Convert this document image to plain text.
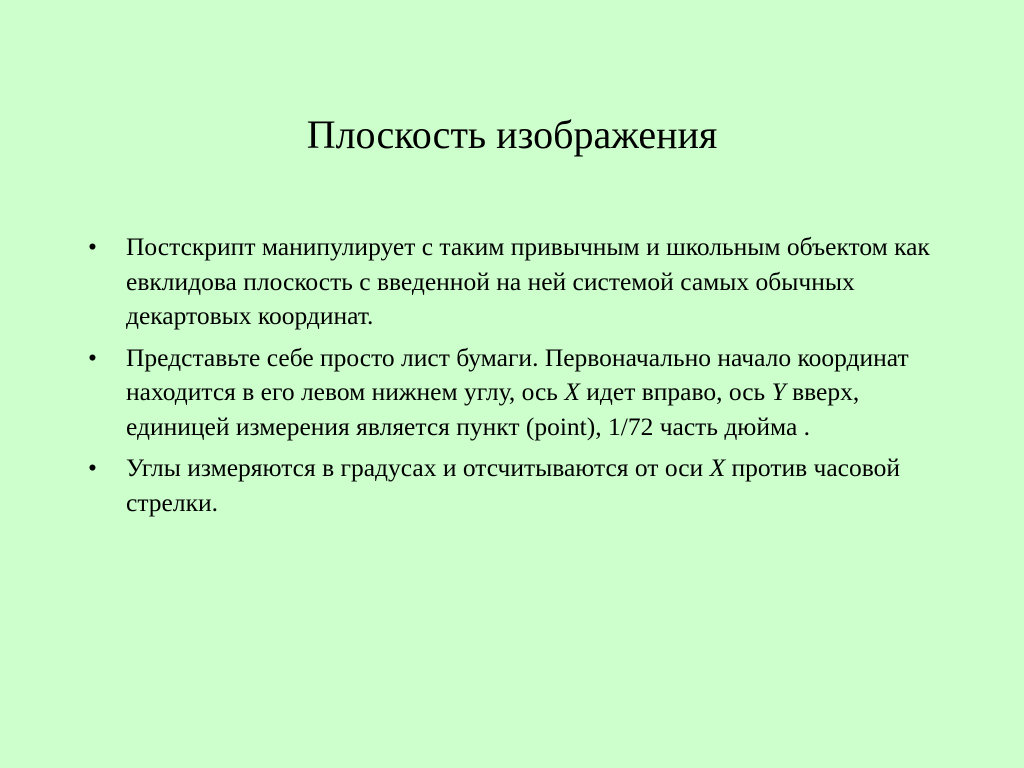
Плоскость изображения
•	Постскрипт манипулирует с таким привычным и школьным объектом как евклидова плоскость с введенной на ней системой самых обычных декартовых координат.
•	Представьте себе просто лист бумаги. Первоначально начало координат находится в его левом нижнем углу, ось X идет вправо, ось Y вверх, единицей измерения является пункт (point), 1/72 часть дюйма .
•	Углы измеряются в градусах и отсчитываются от оси X против часовой стрелки.
